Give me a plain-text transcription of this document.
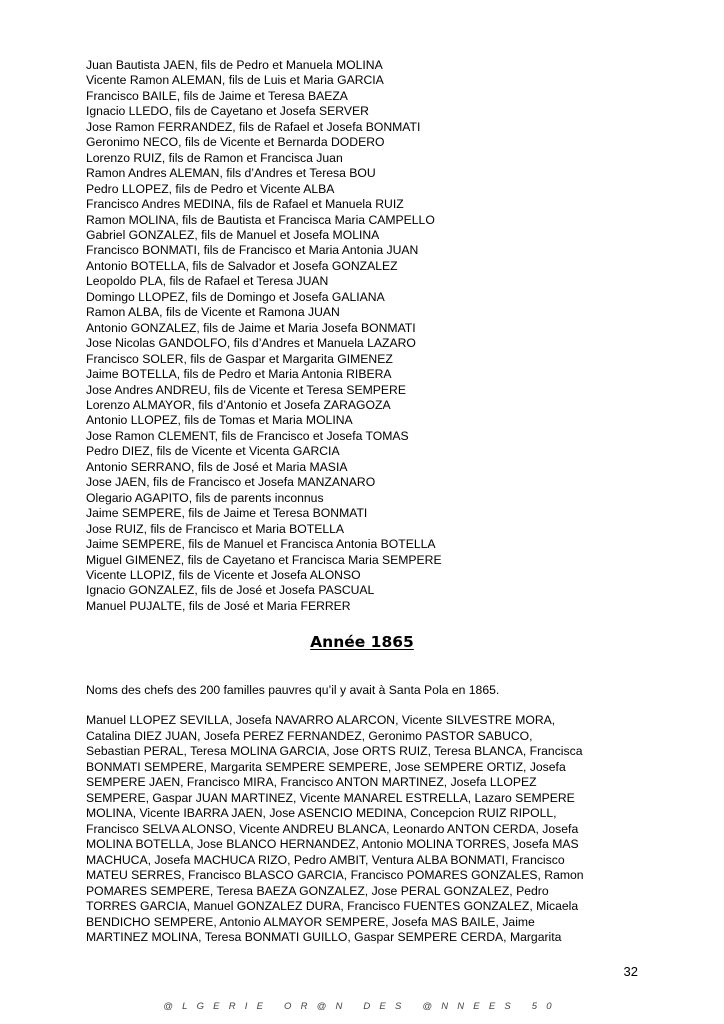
Juan Bautista JAEN, fils de Pedro et Manuela MOLINA
Vicente Ramon ALEMAN, fils de Luis et Maria GARCIA
Francisco BAILE, fils de Jaime et Teresa BAEZA
Ignacio LLEDO, fils de Cayetano et Josefa SERVER
Jose Ramon FERRANDEZ, fils de Rafael et Josefa BONMATI
Geronimo NECO, fils de Vicente et Bernarda DODERO
Lorenzo RUIZ, fils de Ramon et Francisca Juan
Ramon Andres ALEMAN, fils d’Andres et Teresa BOU
Pedro LLOPEZ, fils de Pedro et Vicente ALBA
Francisco Andres MEDINA, fils de Rafael et Manuela RUIZ
Ramon MOLINA, fils de Bautista et Francisca Maria CAMPELLO
Gabriel GONZALEZ, fils de Manuel et Josefa MOLINA
Francisco BONMATI, fils de Francisco et Maria Antonia JUAN
Antonio BOTELLA, fils de Salvador et Josefa GONZALEZ
Leopoldo PLA, fils de Rafael et Teresa JUAN
Domingo LLOPEZ, fils de Domingo et Josefa GALIANA
Ramon ALBA, fils de Vicente et Ramona JUAN
Antonio GONZALEZ, fils de Jaime et Maria Josefa BONMATI
Jose Nicolas GANDOLFO, fils d’Andres et Manuela LAZARO
Francisco SOLER, fils de Gaspar et Margarita GIMENEZ
Jaime BOTELLA, fils de Pedro et Maria Antonia RIBERA
Jose Andres ANDREU, fils de Vicente et Teresa SEMPERE
Lorenzo ALMAYOR, fils d’Antonio et Josefa ZARAGOZA
Antonio LLOPEZ, fils de Tomas et Maria MOLINA
Jose Ramon CLEMENT, fils de Francisco et Josefa TOMAS
Pedro DIEZ, fils de Vicente et Vicenta GARCIA
Antonio SERRANO, fils de José et Maria MASIA
Jose JAEN, fils de Francisco et Josefa MANZANARO
Olegario AGAPITO, fils de parents inconnus
Jaime SEMPERE, fils de Jaime et Teresa BONMATI
Jose RUIZ, fils de Francisco et Maria BOTELLA
Jaime SEMPERE, fils de Manuel et Francisca Antonia BOTELLA
Miguel GIMENEZ, fils de Cayetano et Francisca Maria SEMPERE
Vicente LLOPIZ, fils de Vicente et Josefa ALONSO
Ignacio GONZALEZ, fils de José et Josefa PASCUAL
Manuel PUJALTE, fils de José et Maria FERRER
Année 1865

Noms des chefs des 200 familles pauvres qu’il y avait à Santa Pola en 1865.

Manuel LLOPEZ SEVILLA, Josefa NAVARRO ALARCON, Vicente SILVESTRE MORA,
Catalina DIEZ JUAN, Josefa PEREZ FERNANDEZ, Geronimo PASTOR SABUCO,
Sebastian PERAL, Teresa MOLINA GARCIA, Jose ORTS RUIZ, Teresa BLANCA, Francisca
BONMATI SEMPERE, Margarita SEMPERE SEMPERE, Jose SEMPERE ORTIZ, Josefa
SEMPERE JAEN, Francisco MIRA, Francisco ANTON MARTINEZ, Josefa LLOPEZ
SEMPERE, Gaspar JUAN MARTINEZ, Vicente MANAREL ESTRELLA, Lazaro SEMPERE
MOLINA, Vicente IBARRA JAEN, Jose ASENCIO MEDINA, Concepcion RUIZ RIPOLL,
Francisco SELVA ALONSO, Vicente ANDREU BLANCA, Leonardo ANTON CERDA, Josefa
MOLINA BOTELLA, Jose BLANCO HERNANDEZ, Antonio MOLINA TORRES, Josefa MAS
MACHUCA, Josefa MACHUCA RIZO, Pedro AMBIT, Ventura ALBA BONMATI, Francisco
MATEU SERRES, Francisco BLASCO GARCIA, Francisco POMARES GONZALES, Ramon
POMARES SEMPERE, Teresa BAEZA GONZALEZ, Jose PERAL GONZALEZ, Pedro
TORRES GARCIA, Manuel GONZALEZ DURA, Francisco FUENTES GONZALEZ, Micaela
BENDICHO SEMPERE, Antonio ALMAYOR SEMPERE, Josefa MAS BAILE, Jaime
MARTINEZ MOLINA, Teresa BONMATI GUILLO, Gaspar SEMPERE CERDA, Margarita

32
@LGERIE OR@N DES @NNEES 50
